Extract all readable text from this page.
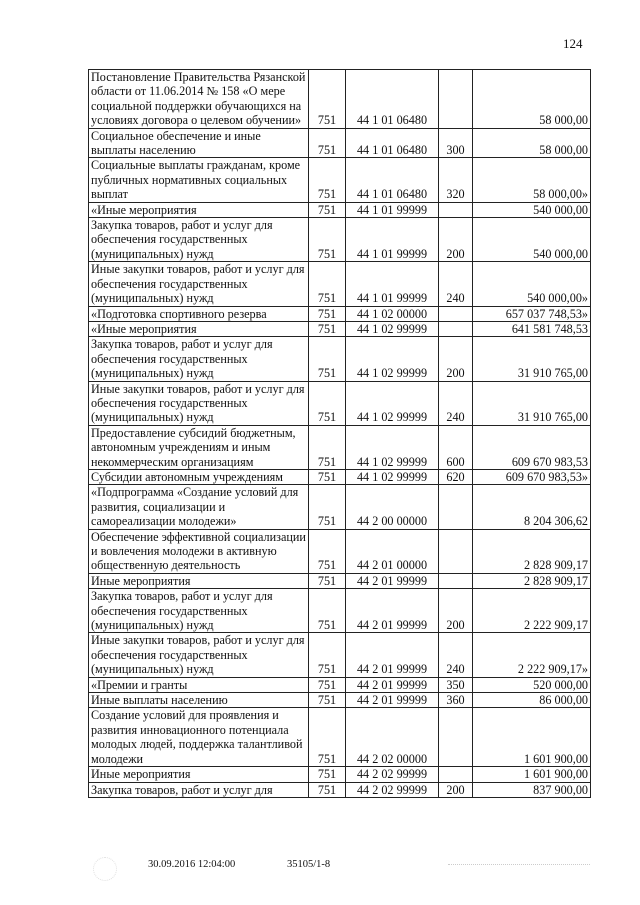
124
Постановление Правительства Рязанской области от 11.06.2014 № 158 «О мере социальной поддержки обучающихся на условиях договора о целевом обучении»	751	44 1 01 06480		58 000,00
Социальное обеспечение и иные выплаты населению	751	44 1 01 06480	300	58 000,00
Социальные выплаты гражданам, кроме публичных нормативных социальных выплат	751	44 1 01 06480	320	58 000,00»
«Иные мероприятия	751	44 1 01 99999		540 000,00
Закупка товаров, работ и услуг для обеспечения государственных (муниципальных) нужд	751	44 1 01 99999	200	540 000,00
Иные закупки товаров, работ и услуг для обеспечения государственных (муниципальных) нужд	751	44 1 01 99999	240	540 000,00»
«Подготовка спортивного резерва	751	44 1 02 00000		657 037 748,53»
«Иные мероприятия	751	44 1 02 99999		641 581 748,53
Закупка товаров, работ и услуг для обеспечения государственных (муниципальных) нужд	751	44 1 02 99999	200	31 910 765,00
Иные закупки товаров, работ и услуг для обеспечения государственных (муниципальных) нужд	751	44 1 02 99999	240	31 910 765,00
Предоставление субсидий бюджетным, автономным учреждениям и иным некоммерческим организациям	751	44 1 02 99999	600	609 670 983,53
Субсидии автономным учреждениям	751	44 1 02 99999	620	609 670 983,53»
«Подпрограмма «Создание условий для развития, социализации и самореализации молодежи»	751	44 2 00 00000		8 204 306,62
Обеспечение эффективной социализации и вовлечения молодежи в активную общественную деятельность	751	44 2 01 00000		2 828 909,17
Иные мероприятия	751	44 2 01 99999		2 828 909,17
Закупка товаров, работ и услуг для обеспечения государственных (муниципальных) нужд	751	44 2 01 99999	200	2 222 909,17
Иные закупки товаров, работ и услуг для обеспечения государственных (муниципальных) нужд	751	44 2 01 99999	240	2 222 909,17»
«Премии и гранты	751	44 2 01 99999	350	520 000,00
Иные выплаты населению	751	44 2 01 99999	360	86 000,00
Создание условий для проявления и развития инновационного потенциала молодых людей, поддержка талантливой молодежи	751	44 2 02 00000		1 601 900,00
Иные мероприятия	751	44 2 02 99999		1 601 900,00
Закупка товаров, работ и услуг для	751	44 2 02 99999	200	837 900,00
30.09.2016 12:04:00	35105/1-8
